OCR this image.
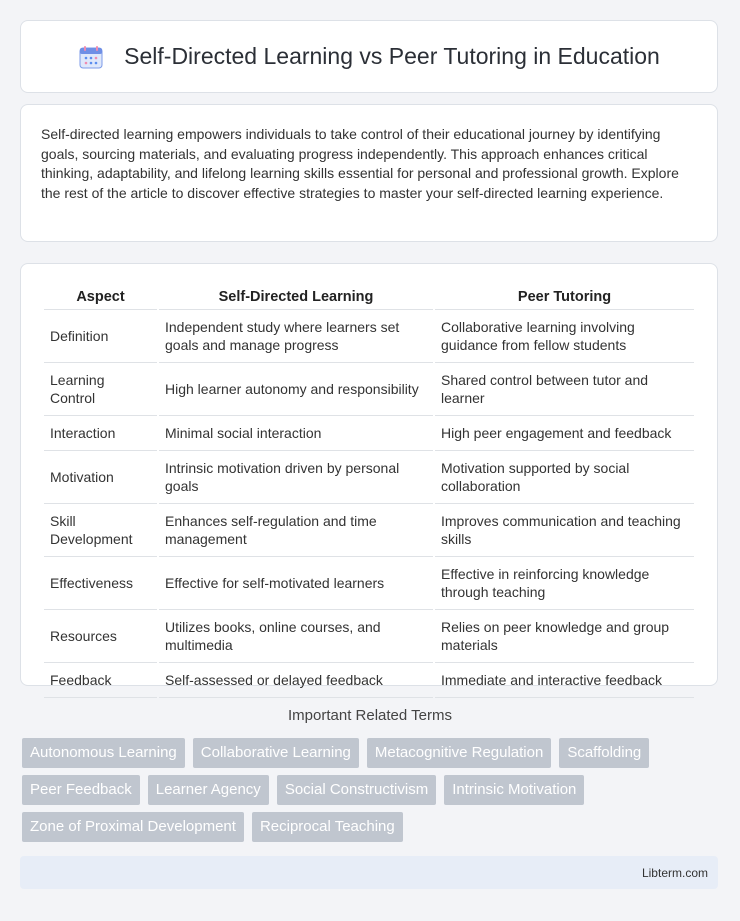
Self-Directed Learning vs Peer Tutoring in Education

Self-directed learning empowers individuals to take control of their educational journey by identifying goals, sourcing materials, and evaluating progress independently. This approach enhances critical thinking, adaptability, and lifelong learning skills essential for personal and professional growth. Explore the rest of the article to discover effective strategies to master your self-directed learning experience.

Aspect	Self-Directed Learning	Peer Tutoring
Definition	Independent study where learners set goals and manage progress	Collaborative learning involving guidance from fellow students
Learning Control	High learner autonomy and responsibility	Shared control between tutor and learner
Interaction	Minimal social interaction	High peer engagement and feedback
Motivation	Intrinsic motivation driven by personal goals	Motivation supported by social collaboration
Skill Development	Enhances self-regulation and time management	Improves communication and teaching skills
Effectiveness	Effective for self-motivated learners	Effective in reinforcing knowledge through teaching
Resources	Utilizes books, online courses, and multimedia	Relies on peer knowledge and group materials
Feedback	Self-assessed or delayed feedback	Immediate and interactive feedback
Important Related Terms
Autonomous Learning	Collaborative Learning	Metacognitive Regulation	Scaffolding
Peer Feedback	Learner Agency	Social Constructivism	Intrinsic Motivation
Zone of Proximal Development	Reciprocal Teaching
Libterm.com
